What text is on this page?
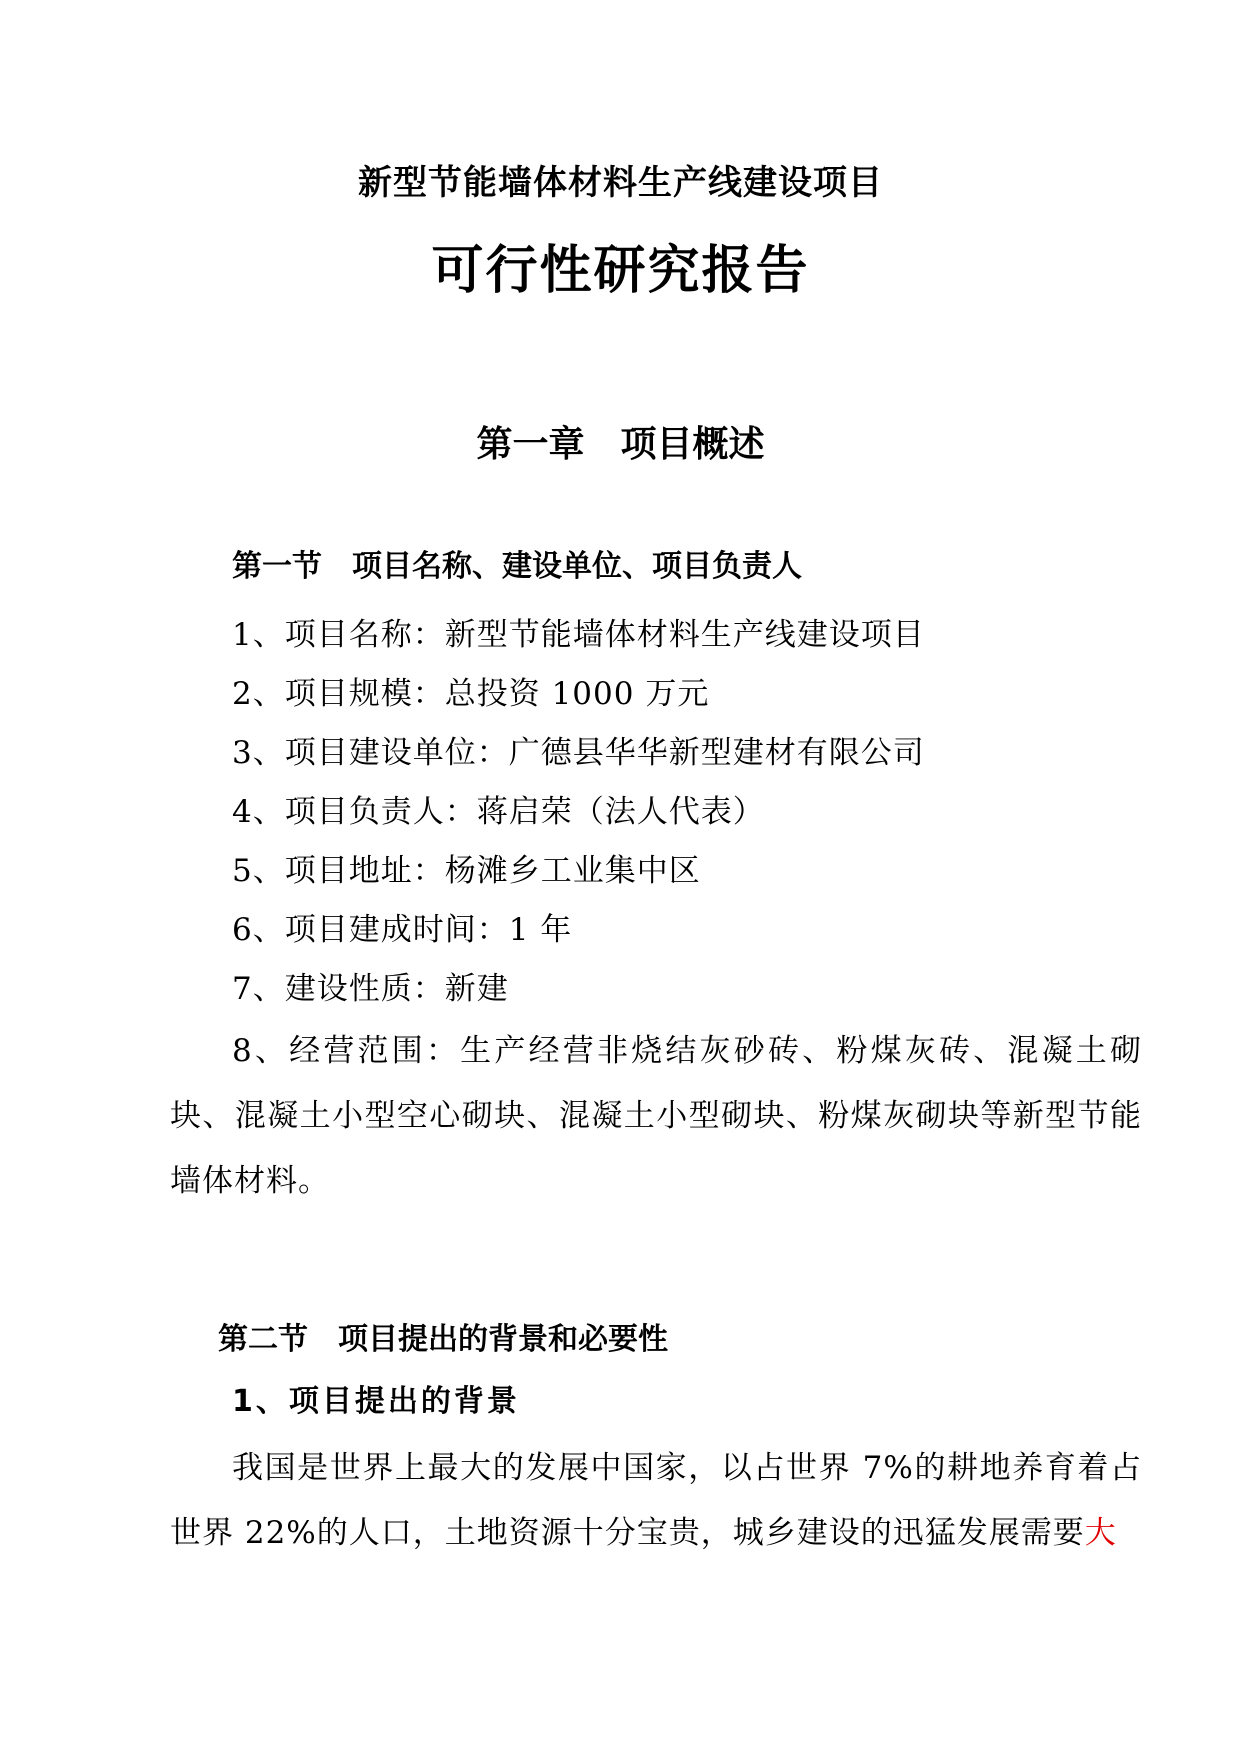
新型节能墙体材料生产线建设项目
可行性研究报告
第一章　项目概述
第一节　项目名称、建设单位、项目负责人
1、项目名称：新型节能墙体材料生产线建设项目
2、项目规模：总投资 1000 万元
3、项目建设单位：广德县华华新型建材有限公司
4、项目负责人：蒋启荣（法人代表）
5、项目地址：杨滩乡工业集中区
6、项目建成时间：1 年
7、建设性质：新建
8、经营范围：生产经营非烧结灰砂砖、粉煤灰砖、混凝土砌块、混凝土小型空心砌块、混凝土小型砌块、粉煤灰砌块等新型节能墙体材料。
第二节　项目提出的背景和必要性
1、项目提出的背景
我国是世界上最大的发展中国家，以占世界 7%的耕地养育着占世界 22%的人口，土地资源十分宝贵，城乡建设的迅猛发展需要大
